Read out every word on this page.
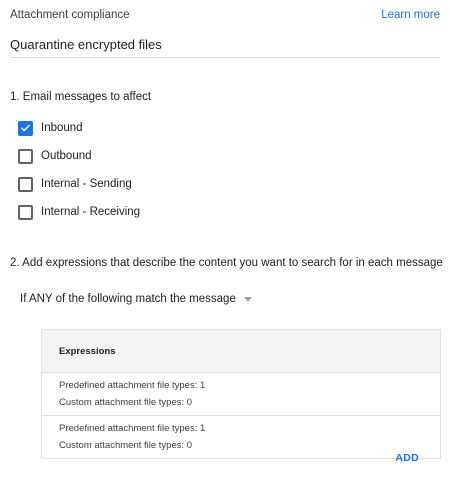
Attachment compliance	Learn more
Quarantine encrypted files
1. Email messages to affect
Inbound
Outbound
Internal - Sending
Internal - Receiving
2. Add expressions that describe the content you want to search for in each message
If ANY of the following match the message
Expressions
Predefined attachment file types: 1
Custom attachment file types: 0
Predefined attachment file types: 1
Custom attachment file types: 0
ADD
